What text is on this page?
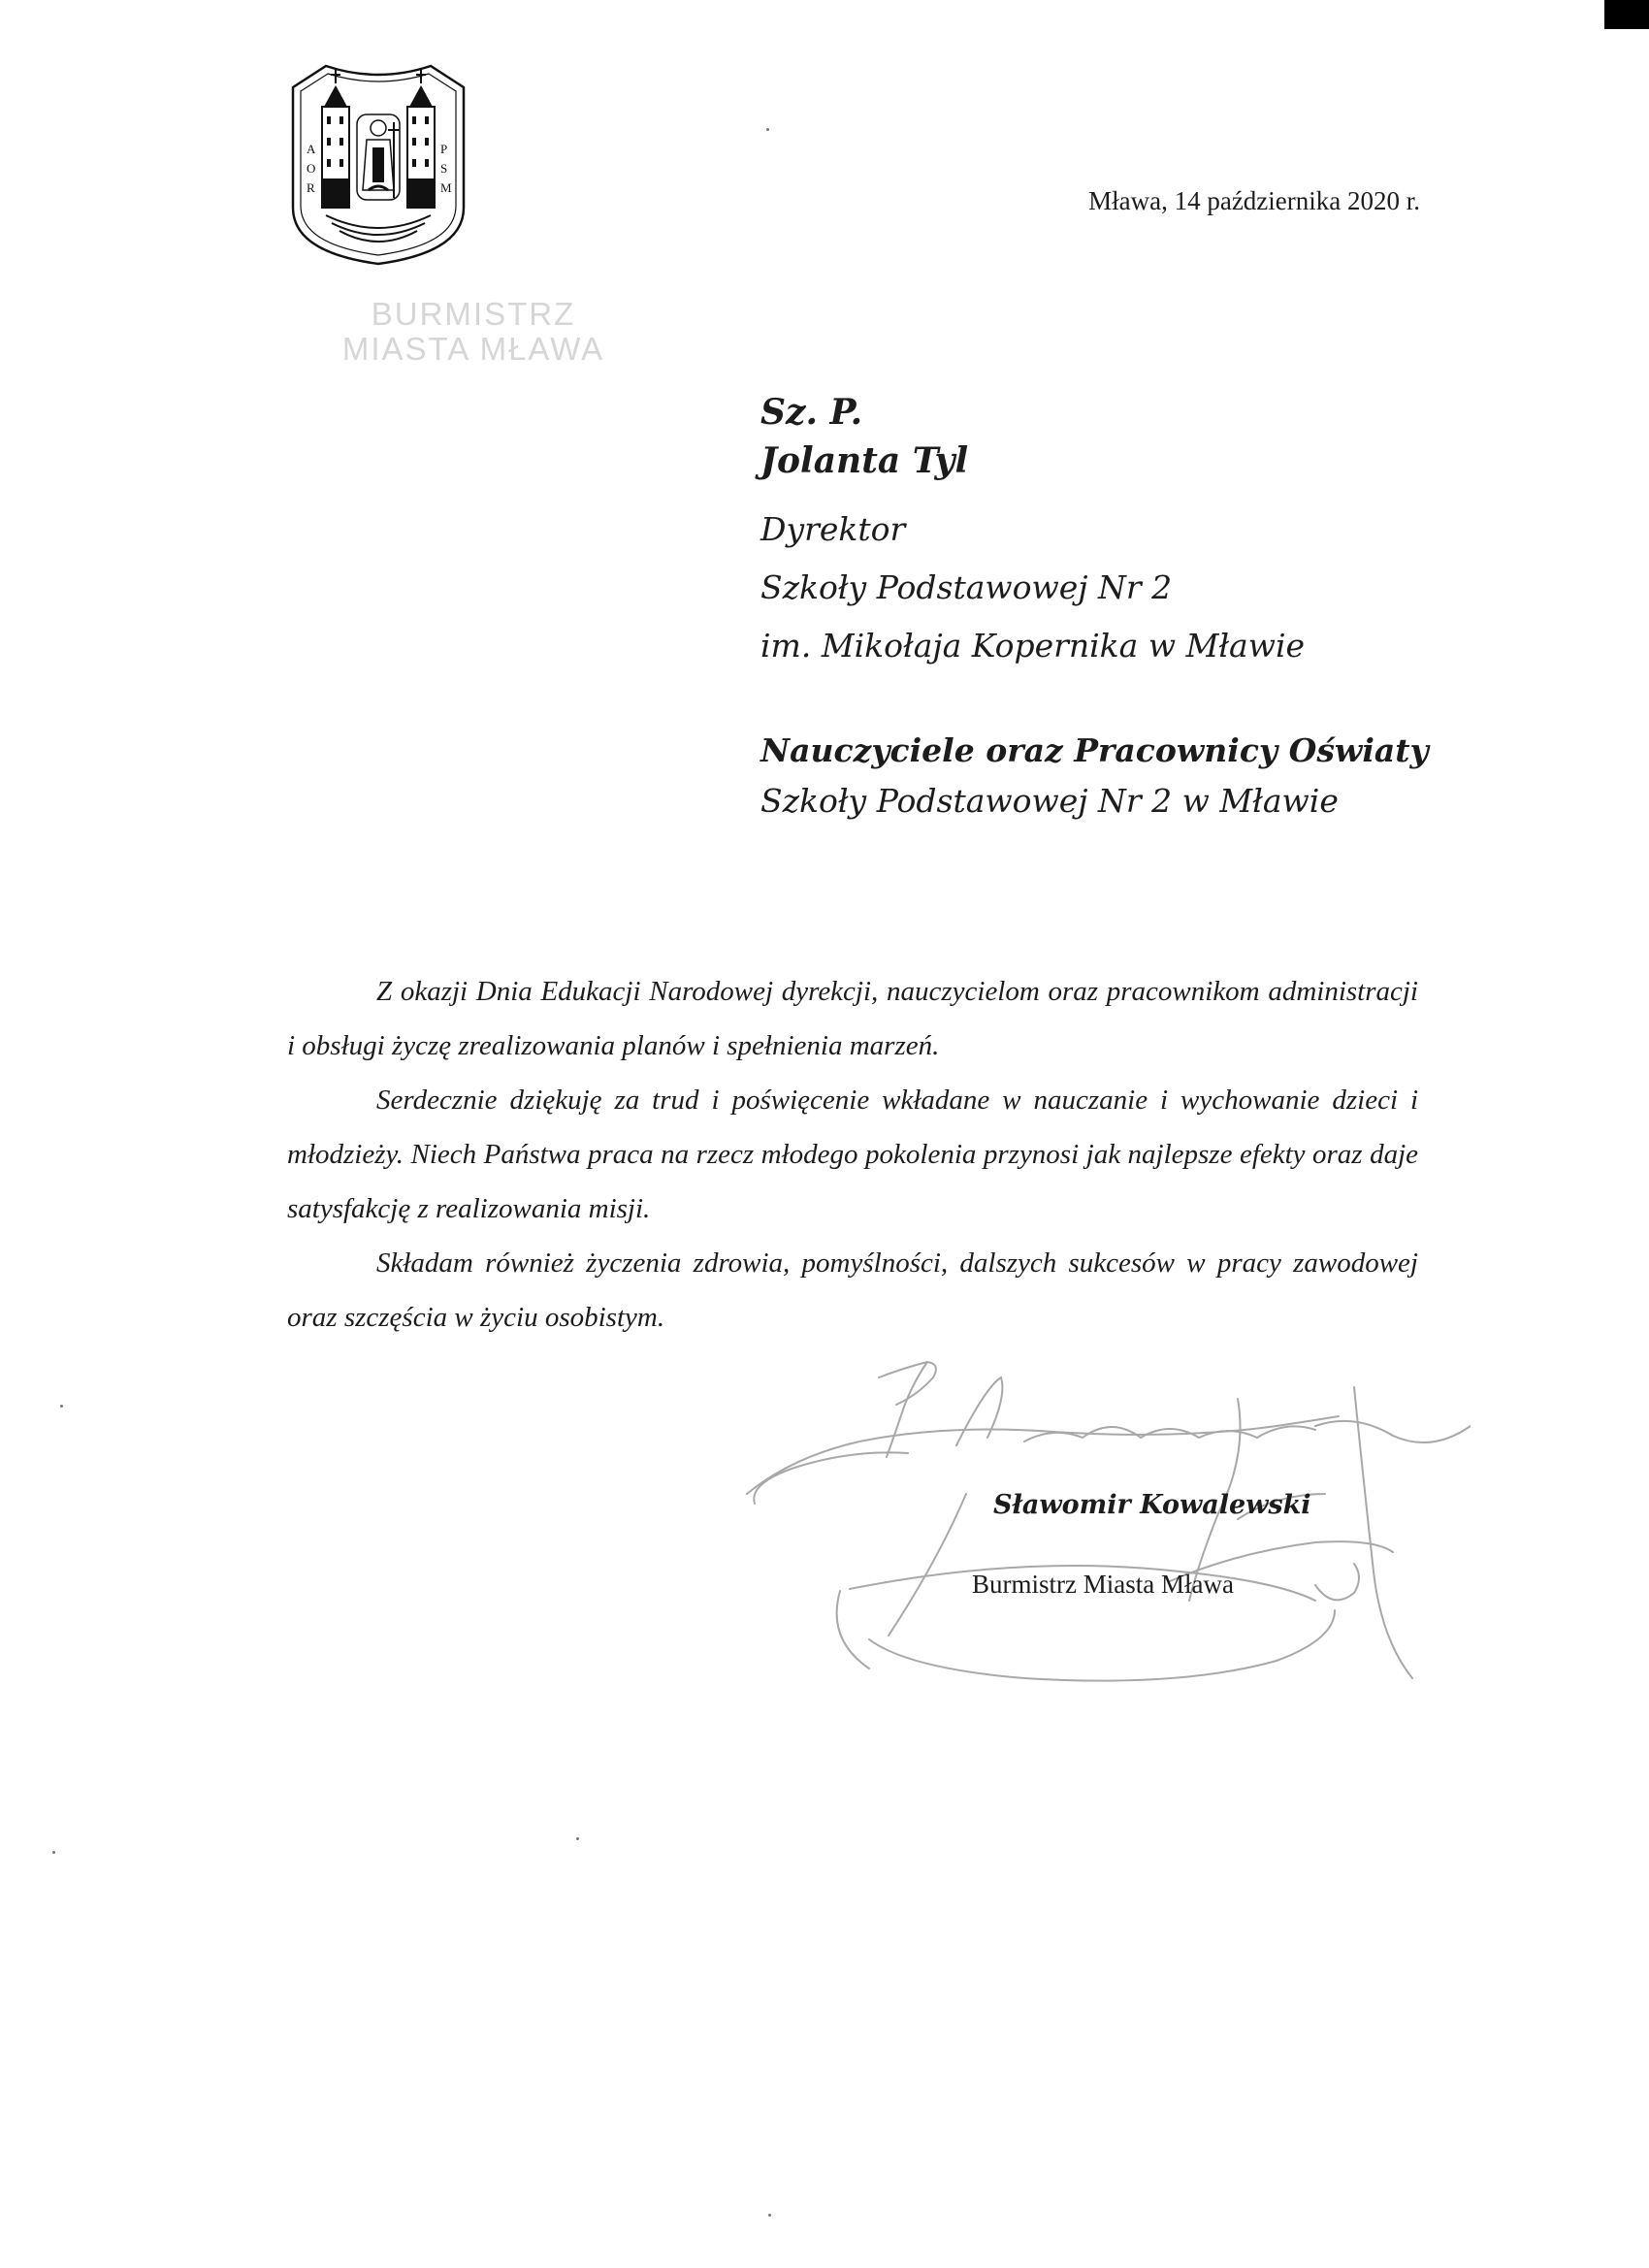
A
O
R
P
S
M
BURMISTRZ
MIASTA MŁAWA
Mława, 14 października 2020 r.
Sz. P.
Jolanta Tyl
Dyrektor
Szkoły Podstawowej Nr 2
im. Mikołaja Kopernika w Mławie
Nauczyciele oraz Pracownicy Oświaty
Szkoły Podstawowej Nr 2 w Mławie

Z okazji Dnia Edukacji Narodowej dyrekcji, nauczycielom oraz pracownikom administracji i obsługi życzę zrealizowania planów i spełnienia marzeń.

Serdecznie dziękuję za trud i poświęcenie wkładane w nauczanie i wychowanie dzieci i młodzieży. Niech Państwa praca na rzecz młodego pokolenia przynosi jak najlepsze efekty oraz daje satysfakcję z realizowania misji.

Składam również życzenia zdrowia, pomyślności, dalszych sukcesów w pracy zawodowej oraz szczęścia w życiu osobistym.

Sławomir Kowalewski
Burmistrz Miasta Mława
